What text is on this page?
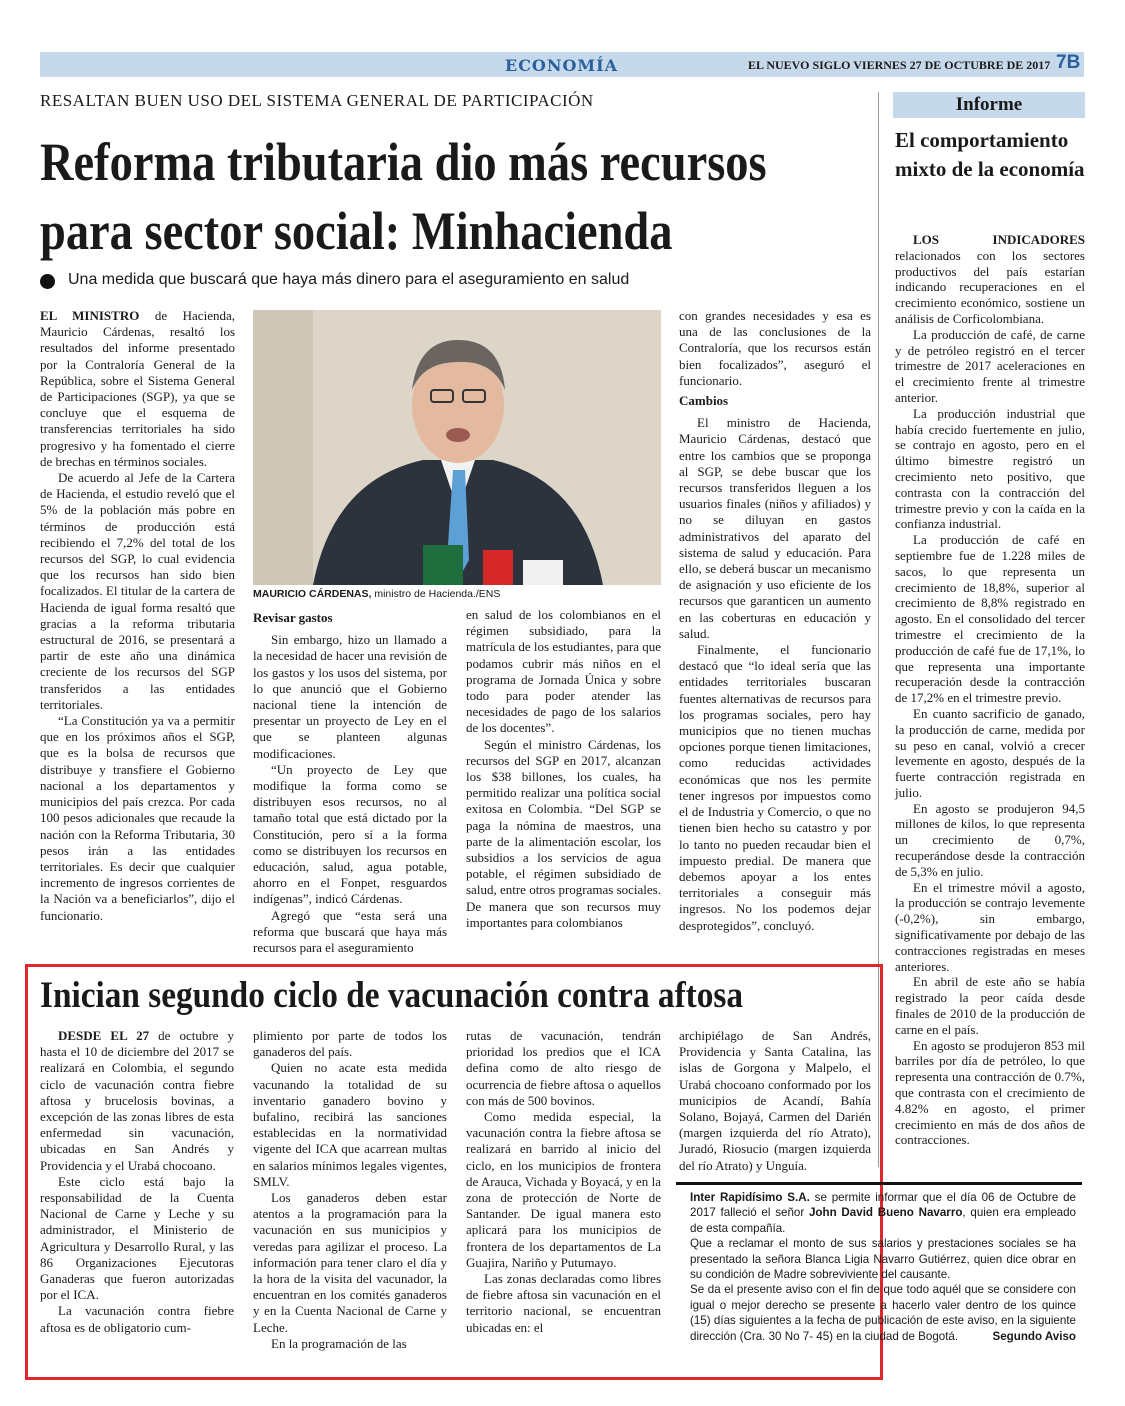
ECONOMÍA	EL NUEVO SIGLO VIERNES 27 DE OCTUBRE DE 2017 7B
RESALTAN BUEN USO DEL SISTEMA GENERAL DE PARTICIPACIÓN
Reforma tributaria dio más recursos
para sector social: Minhacienda
Una medida que buscará que haya más dinero para el aseguramiento en salud

EL MINISTRO de Hacienda, Mauricio Cárdenas, resaltó los resultados del informe presentado por la Contraloría General de la República, sobre el Sistema General de Participaciones (SGP), ya que se concluye que el esquema de transferencias territoriales ha sido progresivo y ha fomentado el cierre de brechas en términos sociales.

De acuerdo al Jefe de la Cartera de Hacienda, el estudio reveló que el 5% de la población más pobre en términos de producción está recibiendo el 7,2% del total de los recursos del SGP, lo cual evidencia que los recursos han sido bien focalizados. El titular de la cartera de Hacienda de igual forma resaltó que gracias a la reforma tributaria estructural de 2016, se presentará a partir de este año una dinámica creciente de los recursos del SGP transferidos a las entidades territoriales.

“La Constitución ya va a permitir que en los próximos años el SGP, que es la bolsa de recursos que distribuye y transfiere el Gobierno nacional a los departamentos y municipios del país crezca. Por cada 100 pesos adicionales que recaude la nación con la Reforma Tributaria, 30 pesos irán a las entidades territoriales. Es decir que cualquier incremento de ingresos corrientes de la Nación va a beneficiarlos”, dijo el funcionario.

MAURICIO CÁRDENAS, ministro de Hacienda./ENS
Revisar gastos

Sin embargo, hizo un llamado a la necesidad de hacer una revisión de los gastos y los usos del sistema, por lo que anunció que el Gobierno nacional tiene la intención de presentar un proyecto de Ley en el que se planteen algunas modificaciones.

“Un proyecto de Ley que modifique la forma como se distribuyen esos recursos, no al tamaño total que está dictado por la Constitución, pero sí a la forma como se distribuyen los recursos en educación, salud, agua potable, ahorro en el Fonpet, resguardos indígenas”, indicó Cárdenas.

Agregó que “esta será una reforma que buscará que haya más recursos para el aseguramiento

en salud de los colombianos en el régimen subsidiado, para la matrícula de los estudiantes, para que podamos cubrir más niños en el programa de Jornada Única y sobre todo para poder atender las necesidades de pago de los salarios de los docentes”.

Según el ministro Cárdenas, los recursos del SGP en 2017, alcanzan los $38 billones, los cuales, ha permitido realizar una política social exitosa en Colombia. “Del SGP se paga la nómina de maestros, una parte de la alimentación escolar, los subsidios a los servicios de agua potable, el régimen subsidiado de salud, entre otros programas sociales. De manera que son recursos muy importantes para colombianos

con grandes necesidades y esa es una de las conclusiones de la Contraloría, que los recursos están bien focalizados”, aseguró el funcionario.

Cambios

El ministro de Hacienda, Mauricio Cárdenas, destacó que entre los cambios que se proponga al SGP, se debe buscar que los recursos transferidos lleguen a los usuarios finales (niños y afiliados) y no se diluyan en gastos administrativos del aparato del sistema de salud y educación. Para ello, se deberá buscar un mecanismo de asignación y uso eficiente de los recursos que garanticen un aumento en las coberturas en educación y salud.

Finalmente, el funcionario destacó que “lo ideal sería que las entidades territoriales buscaran fuentes alternativas de recursos para los programas sociales, pero hay municipios que no tienen muchas opciones porque tienen limitaciones, como reducidas actividades económicas que nos les permite tener ingresos por impuestos como el de Industria y Comercio, o que no tienen bien hecho su catastro y por lo tanto no pueden recaudar bien el impuesto predial. De manera que debemos apoyar a los entes territoriales a conseguir más ingresos. No los podemos dejar desprotegidos”, concluyó.

Informe
El comportamiento mixto de la economía

LOS INDICADORES relacionados con los sectores productivos del país estarían indicando recuperaciones en el crecimiento económico, sostiene un análisis de Corficolombiana.

La producción de café, de carne y de petróleo registró en el tercer trimestre de 2017 aceleraciones en el crecimiento frente al trimestre anterior.

La producción industrial que había crecido fuertemente en julio, se contrajo en agosto, pero en el último bimestre registró un crecimiento neto positivo, que contrasta con la contracción del trimestre previo y con la caída en la confianza industrial.

La producción de café en septiembre fue de 1.228 miles de sacos, lo que representa un crecimiento de 18,8%, superior al crecimiento de 8,8% registrado en agosto. En el consolidado del tercer trimestre el crecimiento de la producción de café fue de 17,1%, lo que representa una importante recuperación desde la contracción de 17,2% en el trimestre previo.

En cuanto sacrificio de ganado, la producción de carne, medida por su peso en canal, volvió a crecer levemente en agosto, después de la fuerte contracción registrada en julio.

En agosto se produjeron 94,5 millones de kilos, lo que representa un crecimiento de 0,7%, recuperándose desde la contracción de 5,3% en julio.

En el trimestre móvil a agosto, la producción se contrajo levemente (-0,2%), sin embargo, significativamente por debajo de las contracciones registradas en meses anteriores.

En abril de este año se había registrado la peor caída desde finales de 2010 de la producción de carne en el país.

En agosto se produjeron 853 mil barriles por día de petróleo, lo que representa una contracción de 0.7%, que contrasta con el crecimiento de 4.82% en agosto, el primer crecimiento en más de dos años de contracciones.

Inician segundo ciclo de vacunación contra aftosa

DESDE EL 27 de octubre y hasta el 10 de diciembre del 2017 se realizará en Colombia, el segundo ciclo de vacunación contra fiebre aftosa y brucelosis bovinas, a excepción de las zonas libres de esta enfermedad sin vacunación, ubicadas en San Andrés y Providencia y el Urabá chocoano.

Este ciclo está bajo la responsabilidad de la Cuenta Nacional de Carne y Leche y su administrador, el Ministerio de Agricultura y Desarrollo Rural, y las 86 Organizaciones Ejecutoras Ganaderas que fueron autorizadas por el ICA.

La vacunación contra fiebre aftosa es de obligatorio cum-

plimiento por parte de todos los ganaderos del país.

Quien no acate esta medida vacunando la totalidad de su inventario ganadero bovino y bufalino, recibirá las sanciones establecidas en la normatividad vigente del ICA que acarrean multas en salarios mínimos legales vigentes, SMLV.

Los ganaderos deben estar atentos a la programación para la vacunación en sus municipios y veredas para agilizar el proceso. La información para tener claro el día y la hora de la visita del vacunador, la encuentran en los comités ganaderos y en la Cuenta Nacional de Carne y Leche.

En la programación de las

rutas de vacunación, tendrán prioridad los predios que el ICA defina como de alto riesgo de ocurrencia de fiebre aftosa o aquellos con más de 500 bovinos.

Como medida especial, la vacunación contra la fiebre aftosa se realizará en barrido al inicio del ciclo, en los municipios de frontera de Arauca, Vichada y Boyacá, y en la zona de protección de Norte de Santander. De igual manera esto aplicará para los municipios de frontera de los departamentos de La Guajira, Nariño y Putumayo.

Las zonas declaradas como libres de fiebre aftosa sin vacunación en el territorio nacional, se encuentran ubicadas en: el

archipiélago de San Andrés, Providencia y Santa Catalina, las islas de Gorgona y Malpelo, el Urabá chocoano conformado por los municipios de Acandí, Bahía Solano, Bojayá, Carmen del Darién (margen izquierda del río Atrato), Juradó, Riosucio (margen izquierda del río Atrato) y Unguía.

Inter Rapidísimo S.A. se permite informar que el día 06 de Octubre de 2017 falleció el señor John David Bueno Navarro, quien era empleado de esta compañía.

Que a reclamar el monto de sus salarios y prestaciones sociales se ha presentado la señora Blanca Ligia Navarro Gutiérrez, quien dice obrar en su condición de Madre sobreviviente del causante.

Se da el presente aviso con el fin de que todo aquél que se considere con igual o mejor derecho se presente a hacerlo valer dentro de los quince (15) días siguientes a la fecha de publicación de este aviso, en la siguiente dirección (Cra. 30 No 7- 45) en la ciudad de Bogotá.	Segundo Aviso
